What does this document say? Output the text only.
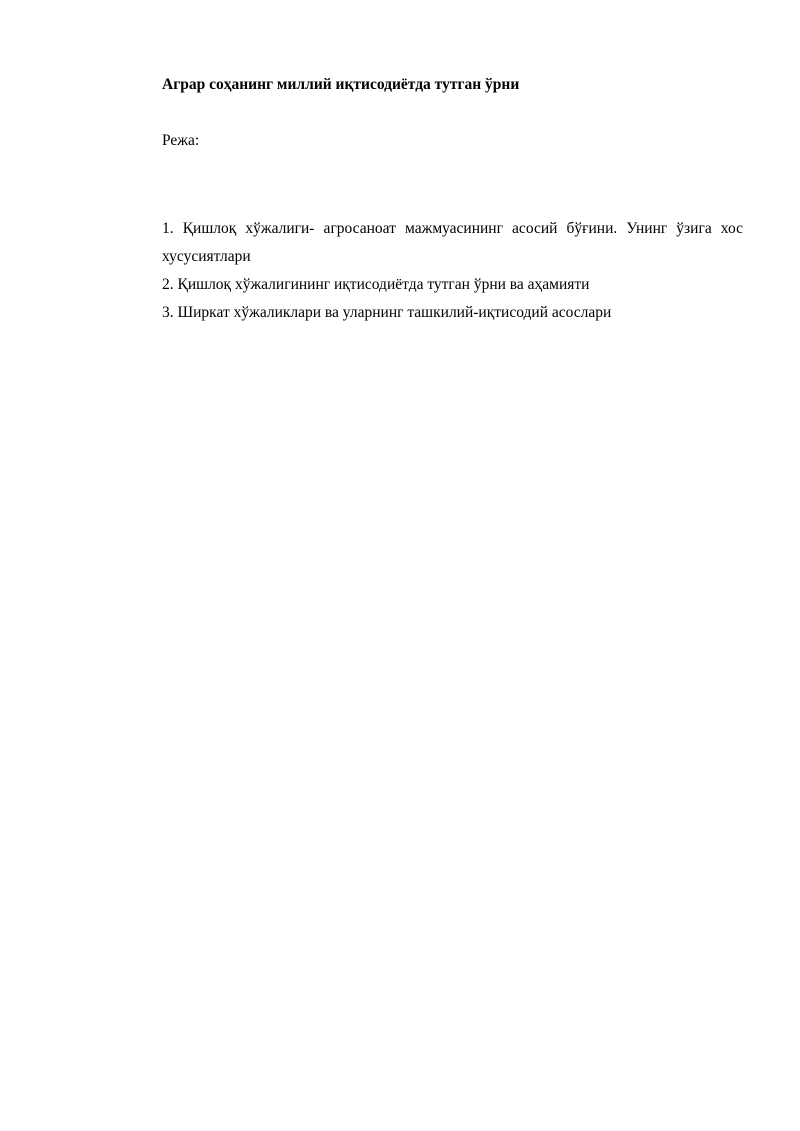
Аграр соҳанинг миллий иқтисодиётда тутган ўрни
Режа:
1. Қишлоқ хўжалиги- агросаноат мажмуасининг асосий бўғини. Унинг ўзига хос хусусиятлари
2. Қишлоқ хўжалигининг иқтисодиётда тутган ўрни ва аҳамияти
3. Ширкат хўжаликлари ва уларнинг ташкилий-иқтисодий асослари
